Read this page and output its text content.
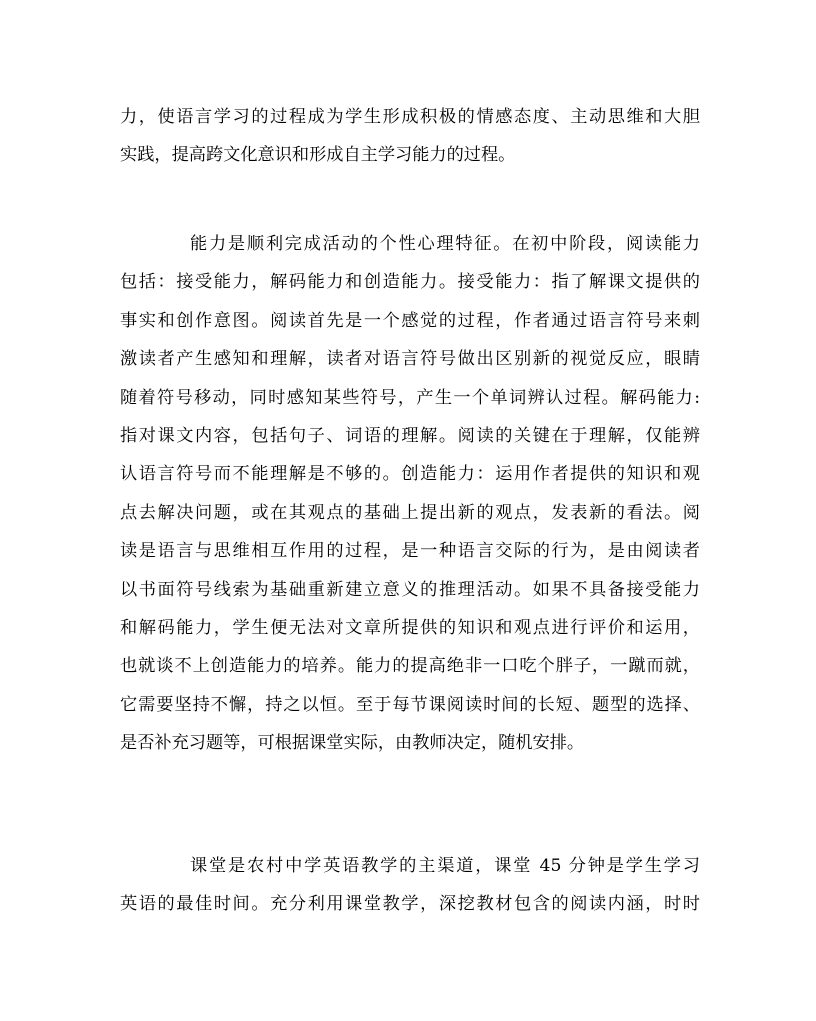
力，使语言学习的过程成为学生形成积极的情感态度、主动思维和大胆
实践，提高跨文化意识和形成自主学习能力的过程。
能力是顺利完成活动的个性心理特征。在初中阶段，阅读能力
包括：接受能力，解码能力和创造能力。接受能力：指了解课文提供的
事实和创作意图。阅读首先是一个感觉的过程，作者通过语言符号来刺
激读者产生感知和理解，读者对语言符号做出区别新的视觉反应，眼睛
随着符号移动，同时感知某些符号，产生一个单词辨认过程。解码能力:
指对课文内容，包括句子、词语的理解。阅读的关键在于理解，仅能辨
认语言符号而不能理解是不够的。创造能力：运用作者提供的知识和观
点去解决问题，或在其观点的基础上提出新的观点，发表新的看法。阅
读是语言与思维相互作用的过程，是一种语言交际的行为，是由阅读者
以书面符号线索为基础重新建立意义的推理活动。如果不具备接受能力
和解码能力，学生便无法对文章所提供的知识和观点进行评价和运用，
也就谈不上创造能力的培养。能力的提高绝非一口吃个胖子，一蹴而就，
它需要坚持不懈，持之以恒。至于每节课阅读时间的长短、题型的选择、
是否补充习题等，可根据课堂实际，由教师决定，随机安排。
课堂是农村中学英语教学的主渠道，课堂 45 分钟是学生学习
英语的最佳时间。充分利用课堂教学，深挖教材包含的阅读内涵，时时
